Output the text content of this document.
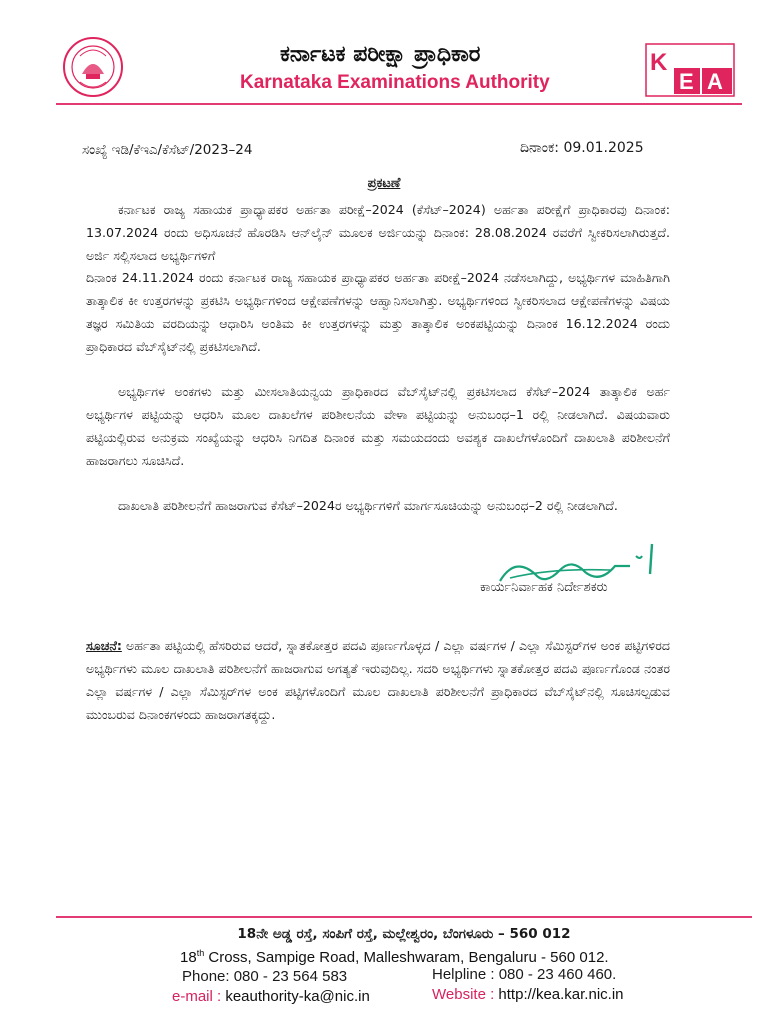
ಕರ್ನಾಟಕ ಪರೀಕ್ಷಾ ಪ್ರಾಧಿಕಾರ
Karnataka Examinations Authority
K
E A
ಸಂಖ್ಯೆ ಇಡಿ/ಕೆಇಎ/ಕೆಸೆಟ್/2023–24	ದಿನಾಂಕ: 09.01.2025
ಪ್ರಕಟಣೆ
ಕರ್ನಾಟಕ ರಾಜ್ಯ ಸಹಾಯಕ ಪ್ರಾಧ್ಯಾಪಕರ ಅರ್ಹತಾ ಪರೀಕ್ಷೆ–2024 (ಕೆಸೆಟ್–2024) ಅರ್ಹತಾ ಪರೀಕ್ಷೆಗೆ ಪ್ರಾಧಿಕಾರವು ದಿನಾಂಕ: 13.07.2024 ರಂದು ಅಧಿಸೂಚನೆ ಹೊರಡಿಸಿ ಆನ್‌ಲೈನ್ ಮೂಲಕ ಅರ್ಜಿಯನ್ನು ದಿನಾಂಕ: 28.08.2024 ರವರೆಗೆ ಸ್ವೀಕರಿಸಲಾಗಿರುತ್ತದೆ. ಅರ್ಜಿ ಸಲ್ಲಿಸಲಾದ ಅಭ್ಯರ್ಥಿಗಳಿಗೆ
ದಿನಾಂಕ 24.11.2024 ರಂದು ಕರ್ನಾಟಕ ರಾಜ್ಯ ಸಹಾಯಕ ಪ್ರಾಧ್ಯಾಪಕರ ಅರ್ಹತಾ ಪರೀಕ್ಷೆ–2024 ನಡೆಸಲಾಗಿದ್ದು, ಅಭ್ಯರ್ಥಿಗಳ ಮಾಹಿತಿಗಾಗಿ ತಾತ್ಕಾಲಿಕ ಕೀ ಉತ್ತರಗಳನ್ನು ಪ್ರಕಟಿಸಿ ಅಭ್ಯರ್ಥಿಗಳಿಂದ ಆಕ್ಷೇಪಣೆಗಳನ್ನು ಆಹ್ವಾನಿಸಲಾಗಿತ್ತು. ಅಭ್ಯರ್ಥಿಗಳಿಂದ ಸ್ವೀಕರಿಸಲಾದ ಆಕ್ಷೇಪಣೆಗಳನ್ನು ವಿಷಯ ತಜ್ಞರ ಸಮಿತಿಯ ವರದಿಯನ್ನು ಆಧಾರಿಸಿ ಅಂತಿಮ ಕೀ ಉತ್ತರಗಳನ್ನು ಮತ್ತು ತಾತ್ಕಾಲಿಕ ಅಂಕಪಟ್ಟಿಯನ್ನು ದಿನಾಂಕ 16.12.2024 ರಂದು ಪ್ರಾಧಿಕಾರದ ವೆಬ್‌ಸೈಟ್‌ನಲ್ಲಿ ಪ್ರಕಟಿಸಲಾಗಿದೆ.
ಅಭ್ಯರ್ಥಿಗಳ ಅಂಕಗಳು ಮತ್ತು ಮೀಸಲಾತಿಯನ್ವಯ ಪ್ರಾಧಿಕಾರದ ವೆಬ್‌ಸೈಟ್‌ನಲ್ಲಿ ಪ್ರಕಟಿಸಲಾದ ಕೆಸೆಟ್–2024 ತಾತ್ಕಾಲಿಕ ಅರ್ಹ ಅಭ್ಯರ್ಥಿಗಳ ಪಟ್ಟಿಯನ್ನು ಆಧರಿಸಿ ಮೂಲ ದಾಖಲೆಗಳ ಪರಿಶೀಲನೆಯ ವೇಳಾ ಪಟ್ಟಿಯನ್ನು ಅನುಬಂಧ–1 ರಲ್ಲಿ ನೀಡಲಾಗಿದೆ. ವಿಷಯವಾರು ಪಟ್ಟಿಯಲ್ಲಿರುವ ಅನುಕ್ರಮ ಸಂಖ್ಯೆಯನ್ನು ಆಧರಿಸಿ ನಿಗದಿತ ದಿನಾಂಕ ಮತ್ತು ಸಮಯದಂದು ಅವಶ್ಯಕ ದಾಖಲೆಗಳೊಂದಿಗೆ ದಾಖಲಾತಿ ಪರಿಶೀಲನೆಗೆ ಹಾಜರಾಗಲು ಸೂಚಿಸಿದೆ.
ದಾಖಲಾತಿ ಪರಿಶೀಲನೆಗೆ ಹಾಜರಾಗುವ ಕೆಸೆಟ್–2024ರ ಅಭ್ಯರ್ಥಿಗಳಿಗೆ ಮಾರ್ಗಸೂಚಿಯನ್ನು ಅನುಬಂಧ–2 ರಲ್ಲಿ ನೀಡಲಾಗಿದೆ.
ಕಾರ್ಯನಿರ್ವಾಹಕ ನಿರ್ದೇಶಕರು
ಸೂಚನೆ: ಅರ್ಹತಾ ಪಟ್ಟಿಯಲ್ಲಿ ಹೆಸರಿರುವ ಆದರೆ, ಸ್ನಾತಕೋತ್ತರ ಪದವಿ ಪೂರ್ಣಗೊಳ್ಳದ / ಎಲ್ಲಾ ವರ್ಷಗಳ / ಎಲ್ಲಾ ಸೆಮಿಸ್ಟರ್‌ಗಳ ಅಂಕ ಪಟ್ಟಿಗಳಿರದ ಅಭ್ಯರ್ಥಿಗಳು ಮೂಲ ದಾಖಲಾತಿ ಪರಿಶೀಲನೆಗೆ ಹಾಜರಾಗುವ ಅಗತ್ಯತೆ ಇರುವುದಿಲ್ಲ. ಸದರಿ ಅಭ್ಯರ್ಥಿಗಳು ಸ್ನಾತಕೋತ್ತರ ಪದವಿ ಪೂರ್ಣಗೊಂಡ ನಂತರ ಎಲ್ಲಾ ವರ್ಷಗಳ / ಎಲ್ಲಾ ಸೆಮಿಸ್ಟರ್‌ಗಳ ಅಂಕ ಪಟ್ಟಿಗಳೊಂದಿಗೆ ಮೂಲ ದಾಖಲಾತಿ ಪರಿಶೀಲನೆಗೆ ಪ್ರಾಧಿಕಾರದ ವೆಬ್‌ಸೈಟ್‌ನಲ್ಲಿ ಸೂಚಿಸಲ್ಪಡುವ ಮುಂಬರುವ ದಿನಾಂಕಗಳಂದು ಹಾಜರಾಗತಕ್ಕದ್ದು.
18ನೇ ಅಡ್ಡ ರಸ್ತೆ, ಸಂಪಿಗೆ ರಸ್ತೆ, ಮಲ್ಲೇಶ್ವರಂ, ಬೆಂಗಳೂರು – 560 012
18th Cross, Sampige Road, Malleshwaram, Bengaluru - 560 012.
Phone: 080 - 23 564 583	Helpline : 080 - 23 460 460.
e-mail : keauthority-ka@nic.in	Website : http://kea.kar.nic.in
